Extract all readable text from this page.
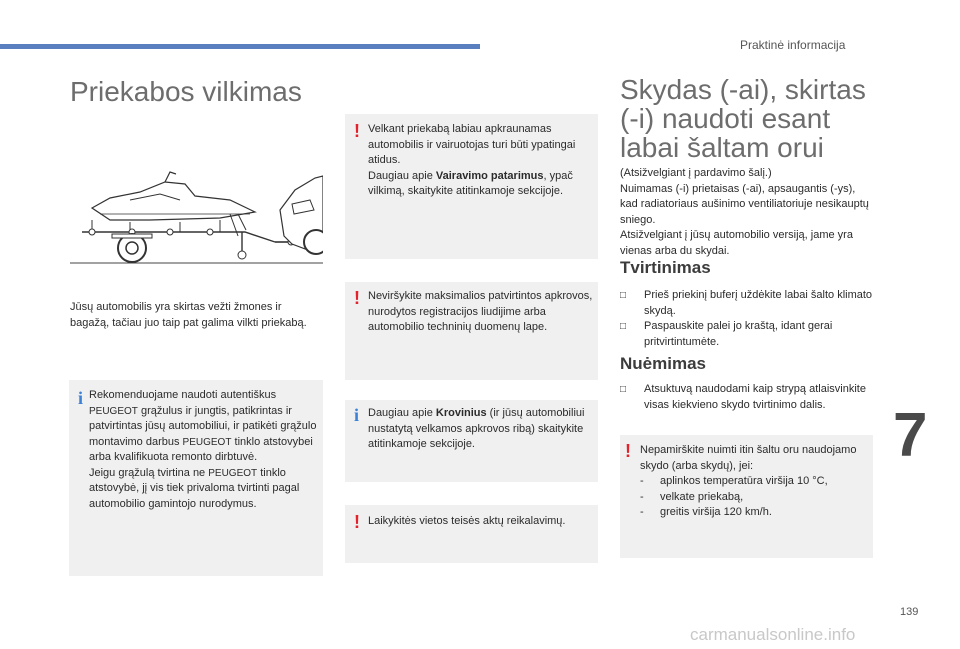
Praktinė informacija
7
139
Priekabos vilkimas
Jūsų automobilis yra skirtas vežti žmones ir bagažą, tačiau juo taip pat galima vilkti priekabą.
i Rekomenduojame naudoti autentiškus PEUGEOT grąžulus ir jungtis, patikrintas ir patvirtintas jūsų automobiliui, ir patikėti grąžulo montavimo darbus PEUGEOT tinklo atstovybei arba kvalifikuota remonto dirbtuvė.
Jeigu grąžulą tvirtina ne PEUGEOT tinklo atstovybė, jį vis tiek privaloma tvirtinti pagal automobilio gamintojo nurodymus.
! Velkant priekabą labiau apkraunamas automobilis ir vairuotojas turi būti ypatingai atidus.
Daugiau apie Vairavimo patarimus, ypač vilkimą, skaitykite atitinkamoje sekcijoje.
! Neviršykite maksimalios patvirtintos apkrovos, nurodytos registracijos liudijime arba automobilio techninių duomenų lape.
i Daugiau apie Krovinius (ir jūsų automobiliui nustatytą velkamos apkrovos ribą) skaitykite atitinkamoje sekcijoje.
! Laikykitės vietos teisės aktų reikalavimų.
Skydas (-ai), skirtas (-i) naudoti esant labai šaltam orui
(Atsižvelgiant į pardavimo šalį.)
Nuimamas (-i) prietaisas (-ai), apsaugantis (-ys), kad radiatoriaus aušinimo ventiliatoriuje nesikauptų sniego.
Atsižvelgiant į jūsų automobilio versiją, jame yra vienas arba du skydai.
Tvirtinimas
□ Prieš priekinį buferį uždėkite labai šalto klimato skydą.
□ Paspauskite palei jo kraštą, idant gerai pritvirtintumėte.
Nuėmimas
□ Atsuktuvą naudodami kaip strypą atlaisvinkite visas kiekvieno skydo tvirtinimo dalis.
! Nepamirškite nuimti itin šaltu oru naudojamo skydo (arba skydų), jei:
- aplinkos temperatūra viršija 10 °C,
- velkate priekabą,
- greitis viršija 120 km/h.
carmanualsonline.info
